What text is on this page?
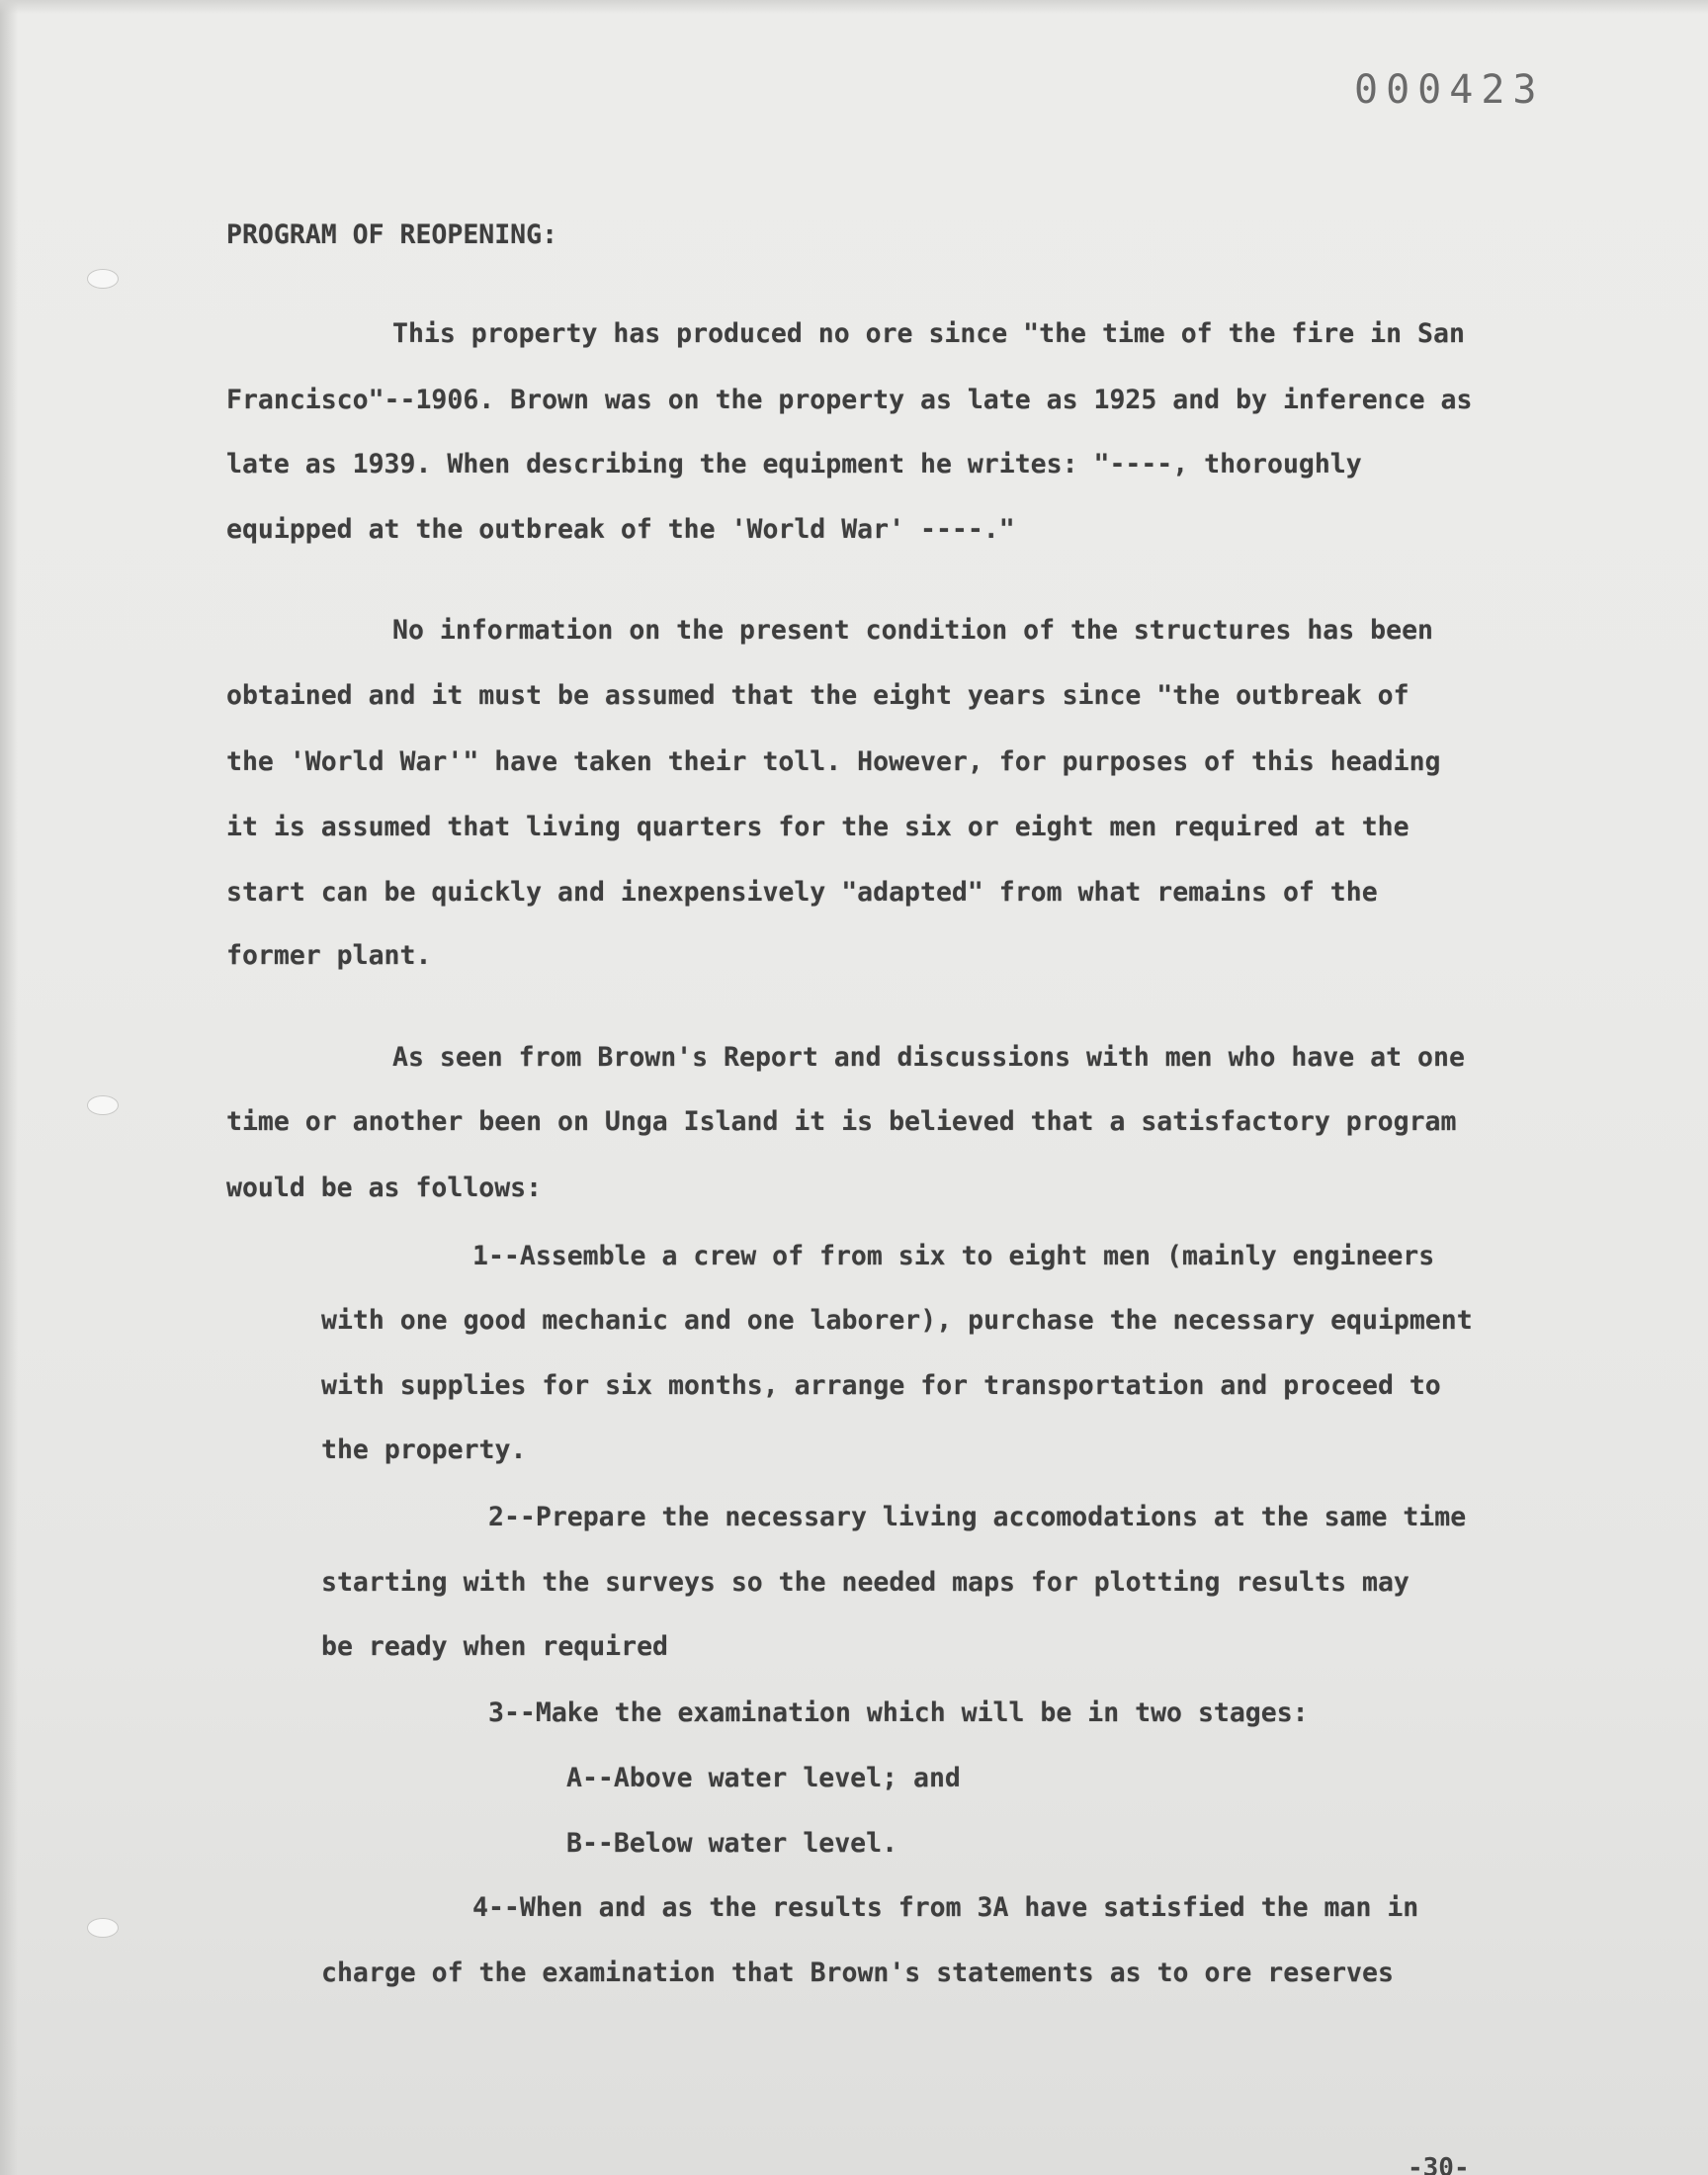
000423
PROGRAM OF REOPENING:
This property has produced no ore since "the time of the fire in San
Francisco"--1906. Brown was on the property as late as 1925 and by inference as
late as 1939. When describing the equipment he writes: "----, thoroughly
equipped at the outbreak of the 'World War' ----."
No information on the present condition of the structures has been
obtained and it must be assumed that the eight years since "the outbreak of
the 'World War'" have taken their toll. However, for purposes of this heading
it is assumed that living quarters for the six or eight men required at the
start can be quickly and inexpensively "adapted" from what remains of the
former plant.
As seen from Brown's Report and discussions with men who have at one
time or another been on Unga Island it is believed that a satisfactory program
would be as follows:
1--Assemble a crew of from six to eight men (mainly engineers
with one good mechanic and one laborer), purchase the necessary equipment
with supplies for six months, arrange for transportation and proceed to
the property.
2--Prepare the necessary living accomodations at the same time
starting with the surveys so the needed maps for plotting results may
be ready when required
3--Make the examination which will be in two stages:
A--Above water level; and
B--Below water level.
4--When and as the results from 3A have satisfied the man in
charge of the examination that Brown's statements as to ore reserves
-30-
